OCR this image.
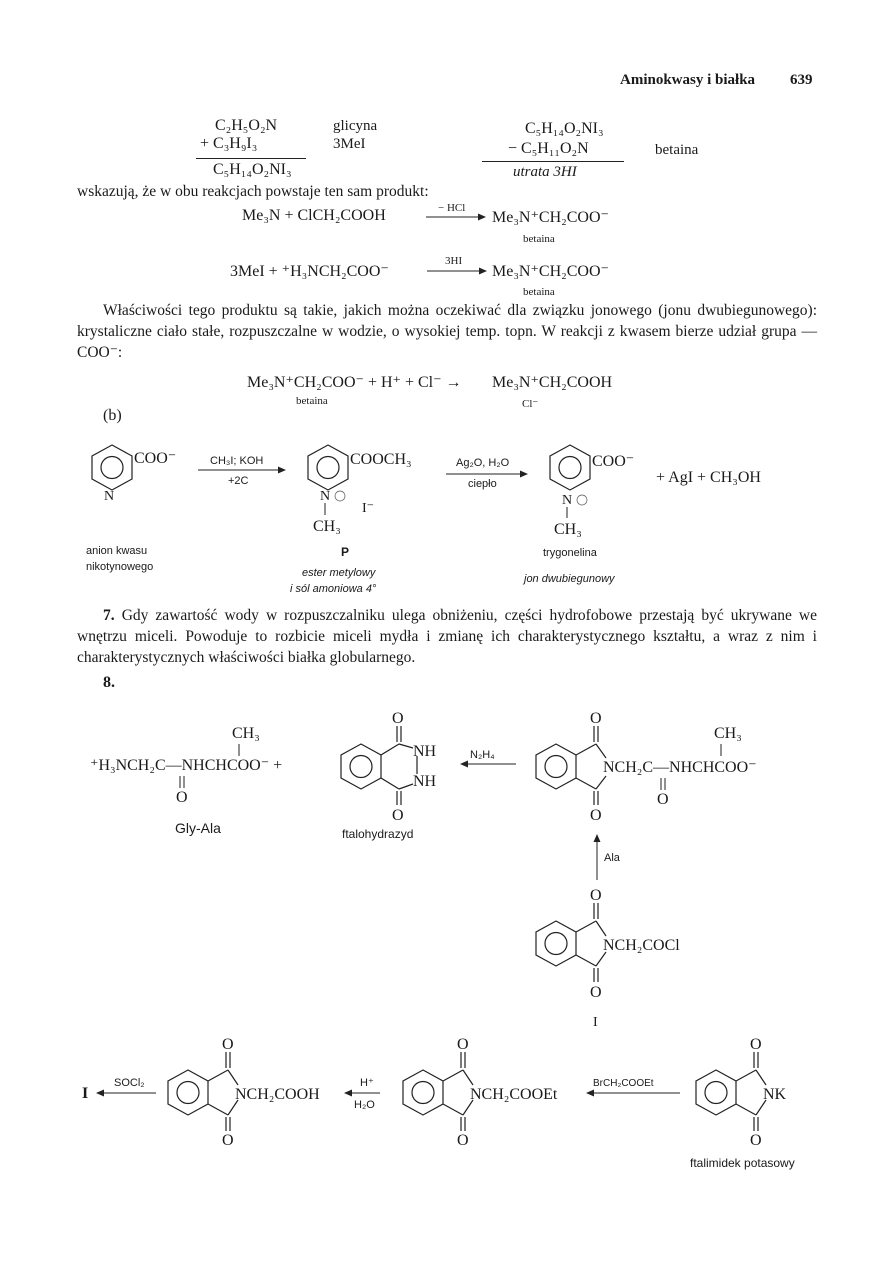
Aminokwasy i białka 639
C₂H₅O₂N
+ C₃H₉I₃
C₅H₁₄O₂NI₃
glicyna
3MeI
C₅H₁₄O₂NI₃
− C₅H₁₁O₂N
utrata 3HI
betaina
wskazują, że w obu reakcjach powstaje ten sam produkt:
Me₃N + ClCH₂COOH	− HCl
→ Me₃N⁺CH₂COO⁻
betaina
3MeI + ⁺H₃NCH₂COO⁻
3HI
→ Me₃N⁺CH₂COO⁻
betaina
Właściwości tego produktu są takie, jakich można oczekiwać dla związku jonowego (jonu dwubiegunowego): krystaliczne ciało stałe, rozpuszczalne w wodzie, o wysokiej temp. topn. W reakcji z kwasem bierze udział grupa —COO⁻:
Me₃N⁺CH₂COO⁻ + H⁺ + Cl⁻ → Me₃N⁺CH₂COOH
betaina	Cl⁻
(b)
COO⁻
N
CH₃I; KOH
+2C
COOCH₃
N
I⁻
CH₃
Ag₂O, H₂O
ciepło
COO⁻
N
CH₃
+ AgI + CH₃OH
anion kwasu
nikotynowego
P
ester metylowy
i sól amoniowa 4°
trygonelina
jon dwubiegunowy
7. Gdy zawartość wody w rozpuszczalniku ulega obniżeniu, części hydrofobowe przestają być ukrywane we wnętrzu miceli. Powoduje to rozbicie miceli mydła i zmianę ich charakterystycznego kształtu, a wraz z nim i charakterystycznych właściwości białka globularnego.
8.
CH₃
⁺H₃NCH₂C—NHCHCOO⁻ +
O
Gly-Ala
O
NH
NH
O
ftalohydrazyd
N₂H₄
O
O
CH₃
NCH₂C—NHCHCOO⁻
O
Ala
O
NCH₂COCl
O
I
I
SOCl₂
O
NCH₂COOH
O
H⁺
H₂O
O
NCH₂COOEt
O
BrCH₂COOEt
O
NK
O
ftalimidek potasowy
